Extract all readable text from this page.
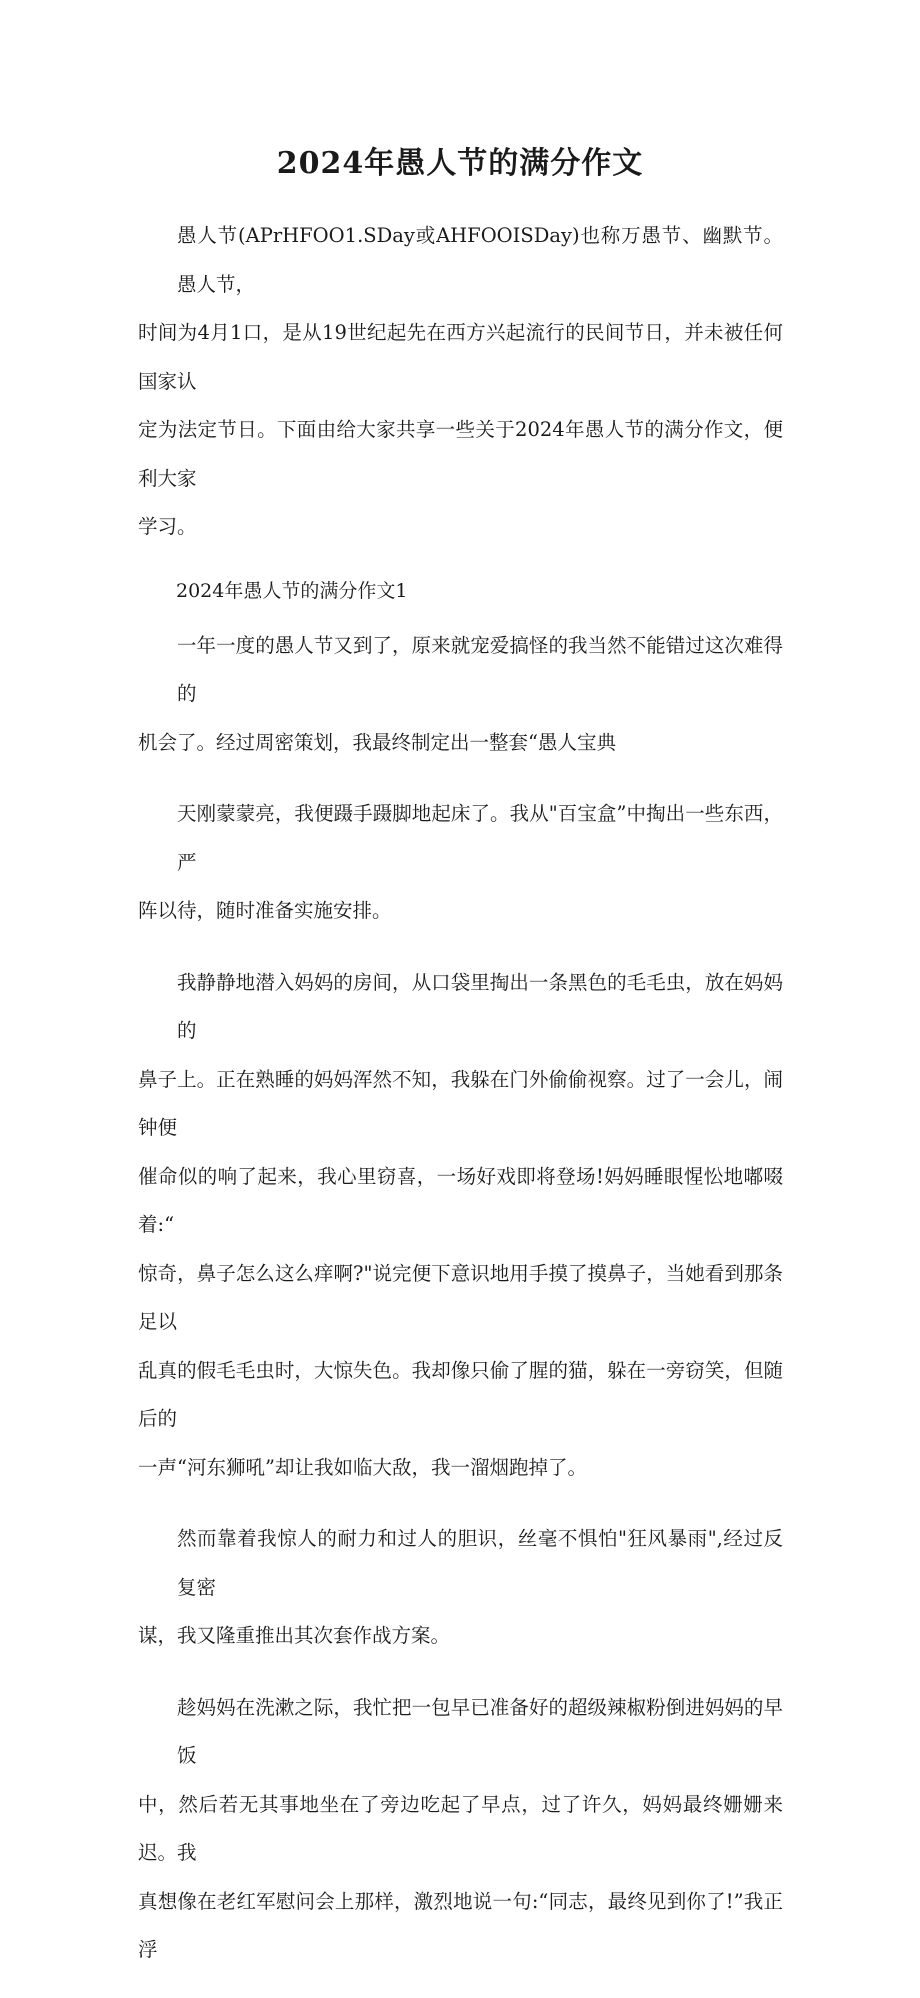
2024年愚人节的满分作文

愚人节(APrHFOO1.SDay或AHFOOISDay)也称万愚节、幽默节。愚人节，
时间为4月1口，是从19世纪起先在西方兴起流行的民间节日，并未被任何国家认
定为法定节日。下面由给大家共享一些关于2024年愚人节的满分作文，便利大家
学习。

2024年愚人节的满分作文1

一年一度的愚人节又到了，原来就宠爱搞怪的我当然不能错过这次难得的
机会了。经过周密策划，我最终制定出一整套“愚人宝典

天刚蒙蒙亮，我便蹑手蹑脚地起床了。我从"百宝盒”中掏出一些东西，严
阵以待，随时准备实施安排。

我静静地潜入妈妈的房间，从口袋里掏出一条黑色的毛毛虫，放在妈妈的
鼻子上。正在熟睡的妈妈浑然不知，我躲在门外偷偷视察。过了一会儿，闹钟便
催命似的响了起来，我心里窃喜，一场好戏即将登场!妈妈睡眼惺忪地嘟啜着:“
惊奇，鼻子怎么这么痒啊?"说完便下意识地用手摸了摸鼻子，当她看到那条足以
乱真的假毛毛虫时，大惊失色。我却像只偷了腥的猫，躲在一旁窃笑，但随后的
一声“河东狮吼”却让我如临大敌，我一溜烟跑掉了。

然而靠着我惊人的耐力和过人的胆识，丝毫不惧怕"狂风暴雨",经过反复密
谋，我又隆重推出其次套作战方案。

趁妈妈在洗漱之际，我忙把一包早已准备好的超级辣椒粉倒进妈妈的早饭
中，然后若无其事地坐在了旁边吃起了早点，过了许久，妈妈最终姗姗来迟。我
真想像在老红军慰问会上那样，激烈地说一句:“同志，最终见到你了!”我正浮
